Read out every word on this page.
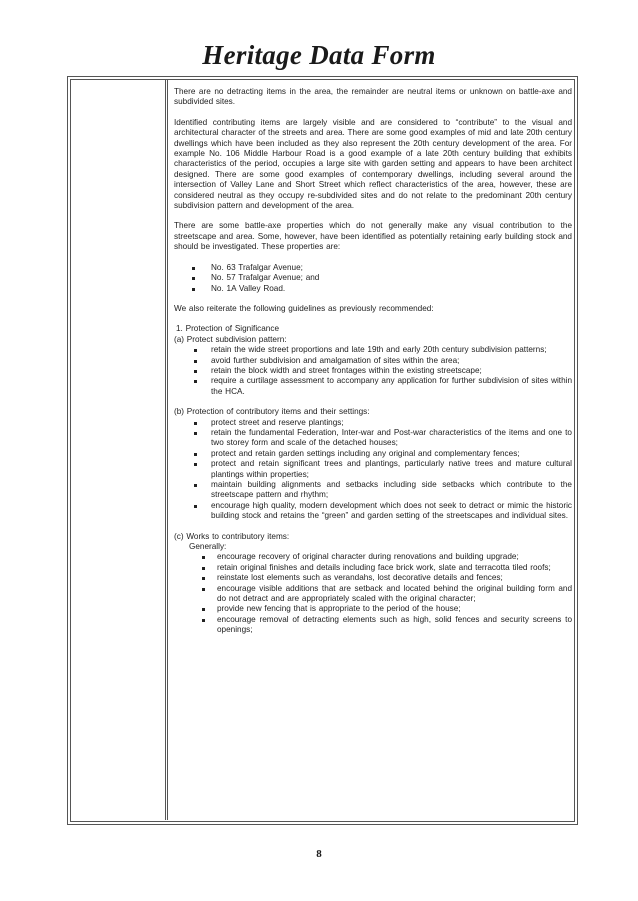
Heritage Data Form

There are no detracting items in the area, the remainder are neutral items or unknown on battle-axe and subdivided sites.

Identified contributing items are largely visible and are considered to “contribute” to the visual and architectural character of the streets and area. There are some good examples of mid and late 20th century dwellings which have been included as they also represent the 20th century development of the area. For example No. 106 Middle Harbour Road is a good example of a late 20th century building that exhibits characteristics of the period, occupies a large site with garden setting and appears to have been architect designed. There are some good examples of contemporary dwellings, including several around the intersection of Valley Lane and Short Street which reflect characteristics of the area, however, these are considered neutral as they occupy re-subdivided sites and do not relate to the predominant 20th century subdivision pattern and development of the area.

There are some battle-axe properties which do not generally make any visual contribution to the streetscape and area. Some, however, have been identified as potentially retaining early building stock and should be investigated. These properties are:

No. 63 Trafalgar Avenue;
No. 57 Trafalgar Avenue; and
No. 1A Valley Road.

We also reiterate the following guidelines as previously recommended:

1. Protection of Significance

(a) Protect subdivision pattern:

retain the wide street proportions and late 19th and early 20th century subdivision patterns;
avoid further subdivision and amalgamation of sites within the area;
retain the block width and street frontages within the existing streetscape;
require a curtilage assessment to accompany any application for further subdivision of sites within the HCA.

(b) Protection of contributory items and their settings:

protect street and reserve plantings;
retain the fundamental Federation, Inter-war and Post-war characteristics of the items and one to two storey form and scale of the detached houses;
protect and retain garden settings including any original and complementary fences;
protect and retain significant trees and plantings, particularly native trees and mature cultural plantings within properties;
maintain building alignments and setbacks including side setbacks which contribute to the streetscape pattern and rhythm;
encourage high quality, modern development which does not seek to detract or mimic the historic building stock and retains the “green” and garden setting of the streetscapes and individual sites.

(c) Works to contributory items:

Generally:

encourage recovery of original character during renovations and building upgrade;
retain original finishes and details including face brick work, slate and terracotta tiled roofs;
reinstate lost elements such as verandahs, lost decorative details and fences;
encourage visible additions that are setback and located behind the original building form and do not detract and are appropriately scaled with the original character;
provide new fencing that is appropriate to the period of the house;
encourage removal of detracting elements such as high, solid fences and security screens to openings;
8
